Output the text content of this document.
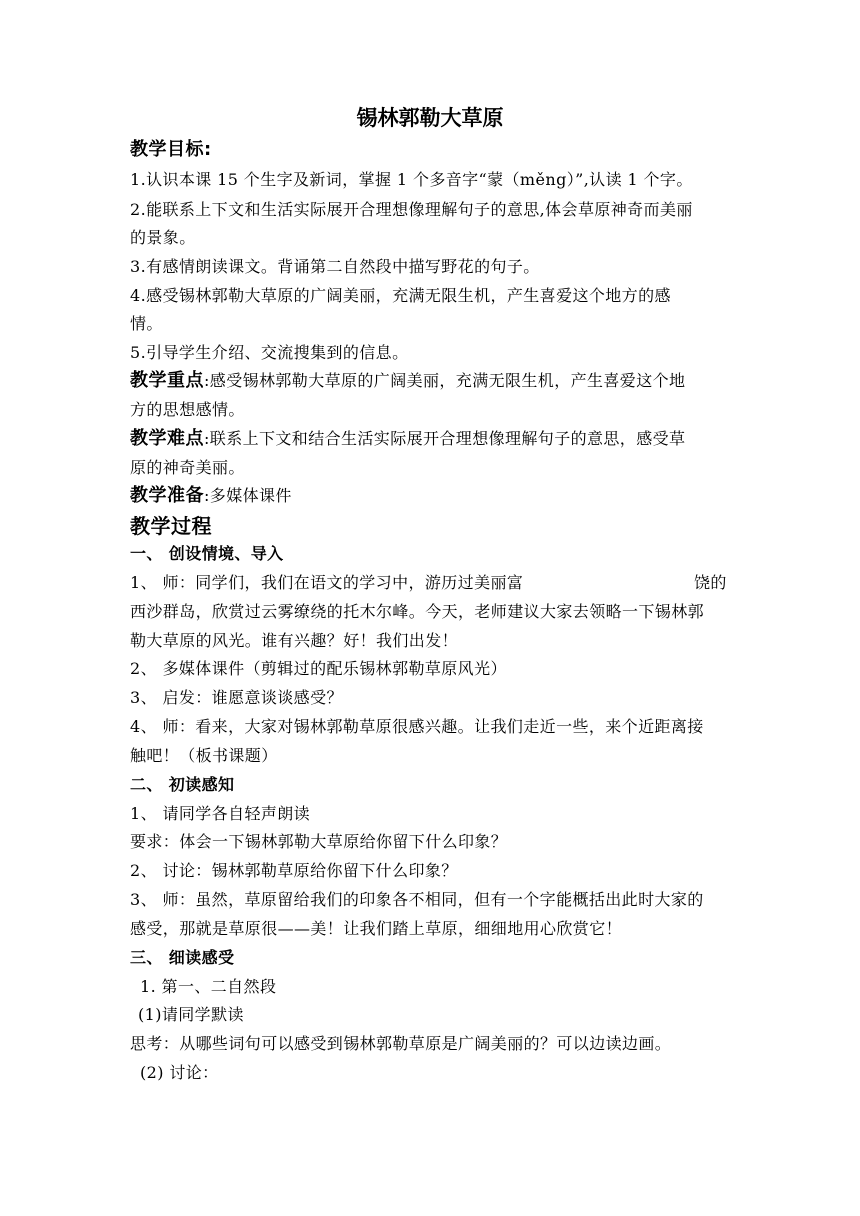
锡林郭勒大草原
教学目标:
1.认识本课 15 个生字及新词，掌握 1 个多音字“蒙（měng）”,认读 1 个字。
2.能联系上下文和生活实际展开合理想像理解句子的意思,体会草原神奇而美丽
的景象。
3.有感情朗读课文。背诵第二自然段中描写野花的句子。
4.感受锡林郭勒大草原的广阔美丽，充满无限生机，产生喜爱这个地方的感
情。
5.引导学生介绍、交流搜集到的信息。
教学重点:感受锡林郭勒大草原的广阔美丽，充满无限生机，产生喜爱这个地
方的思想感情。
教学难点:联系上下文和结合生活实际展开合理想像理解句子的意思，感受草
原的神奇美丽。
教学准备:多媒体课件
教学过程
一、 创设情境、导入
1、 师：同学们，我们在语文的学习中，游历过美丽富	饶的
西沙群岛，欣赏过云雾缭绕的托木尔峰。今天，老师建议大家去领略一下锡林郭
勒大草原的风光。谁有兴趣？好！我们出发！
2、 多媒体课件（剪辑过的配乐锡林郭勒草原风光）
3、 启发：谁愿意谈谈感受？
4、 师：看来，大家对锡林郭勒草原很感兴趣。让我们走近一些，来个近距离接
触吧！（板书课题）
二、 初读感知
1、 请同学各自轻声朗读
要求：体会一下锡林郭勒大草原给你留下什么印象？
2、 讨论：锡林郭勒草原给你留下什么印象？
3、 师：虽然，草原留给我们的印象各不相同，但有一个字能概括出此时大家的
感受，那就是草原很——美！让我们踏上草原，细细地用心欣赏它！
三、 细读感受
1. 第一、二自然段
(1)请同学默读
思考：从哪些词句可以感受到锡林郭勒草原是广阔美丽的？可以边读边画。
(2) 讨论：
